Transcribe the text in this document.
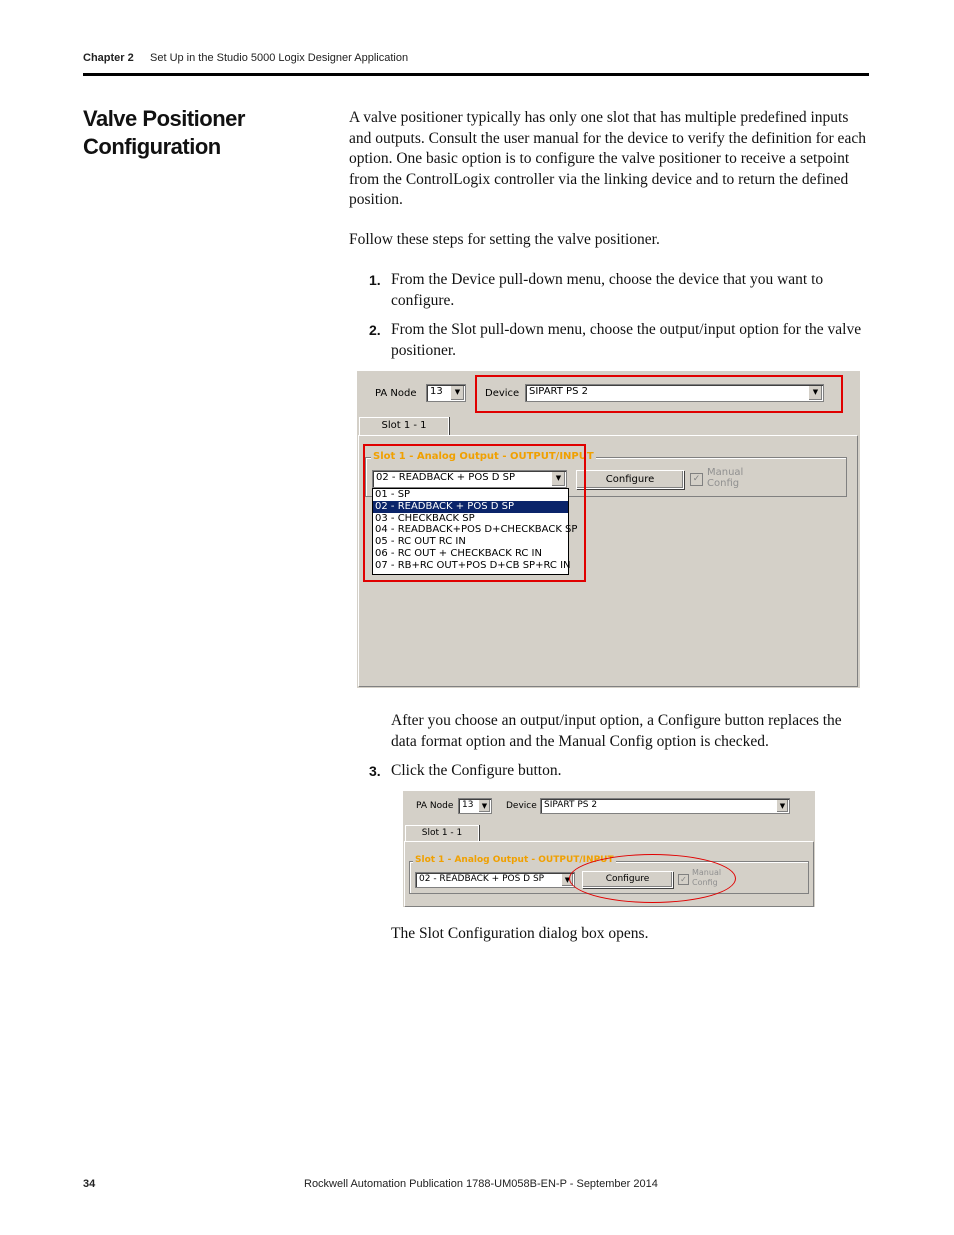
Chapter 2 Set Up in the Studio 5000 Logix Designer Application
Valve Positioner Configuration
A valve positioner typically has only one slot that has multiple predefined inputs and outputs. Consult the user manual for the device to verify the definition for each option. One basic option is to configure the valve positioner to receive a setpoint from the ControlLogix controller via the linking device and to return the defined position.
Follow these steps for setting the valve positioner.
1. From the Device pull-down menu, choose the device that you want to configure.
2. From the Slot pull-down menu, choose the output/input option for the valve positioner.
PA Node	13	▼	Device SIPART PS 2	▼
Slot 1 - 1
Slot 1 - Analog Output - OUTPUT/INPUT
02 - READBACK + POS D SP	▼	Configure	✓
Manual
Config
01 - SP
02 - READBACK + POS D SP
03 - CHECKBACK SP
04 - READBACK+POS D+CHECKBACK SP
05 - RC OUT RC IN
06 - RC OUT + CHECKBACK RC IN
07 - RB+RC OUT+POS D+CB SP+RC IN
After you choose an output/input option, a Configure button replaces the data format option and the Manual Config option is checked.
3. Click the Configure button.
PA Node 13	▼	Device SIPART PS 2	▼
Slot 1 - 1
Slot 1 - Analog Output - OUTPUT/INPUT
02 - READBACK + POS D SP	▼	Configure	✓
Manual
Config
The Slot Configuration dialog box opens.
34	Rockwell Automation Publication 1788-UM058B-EN-P - September 2014
